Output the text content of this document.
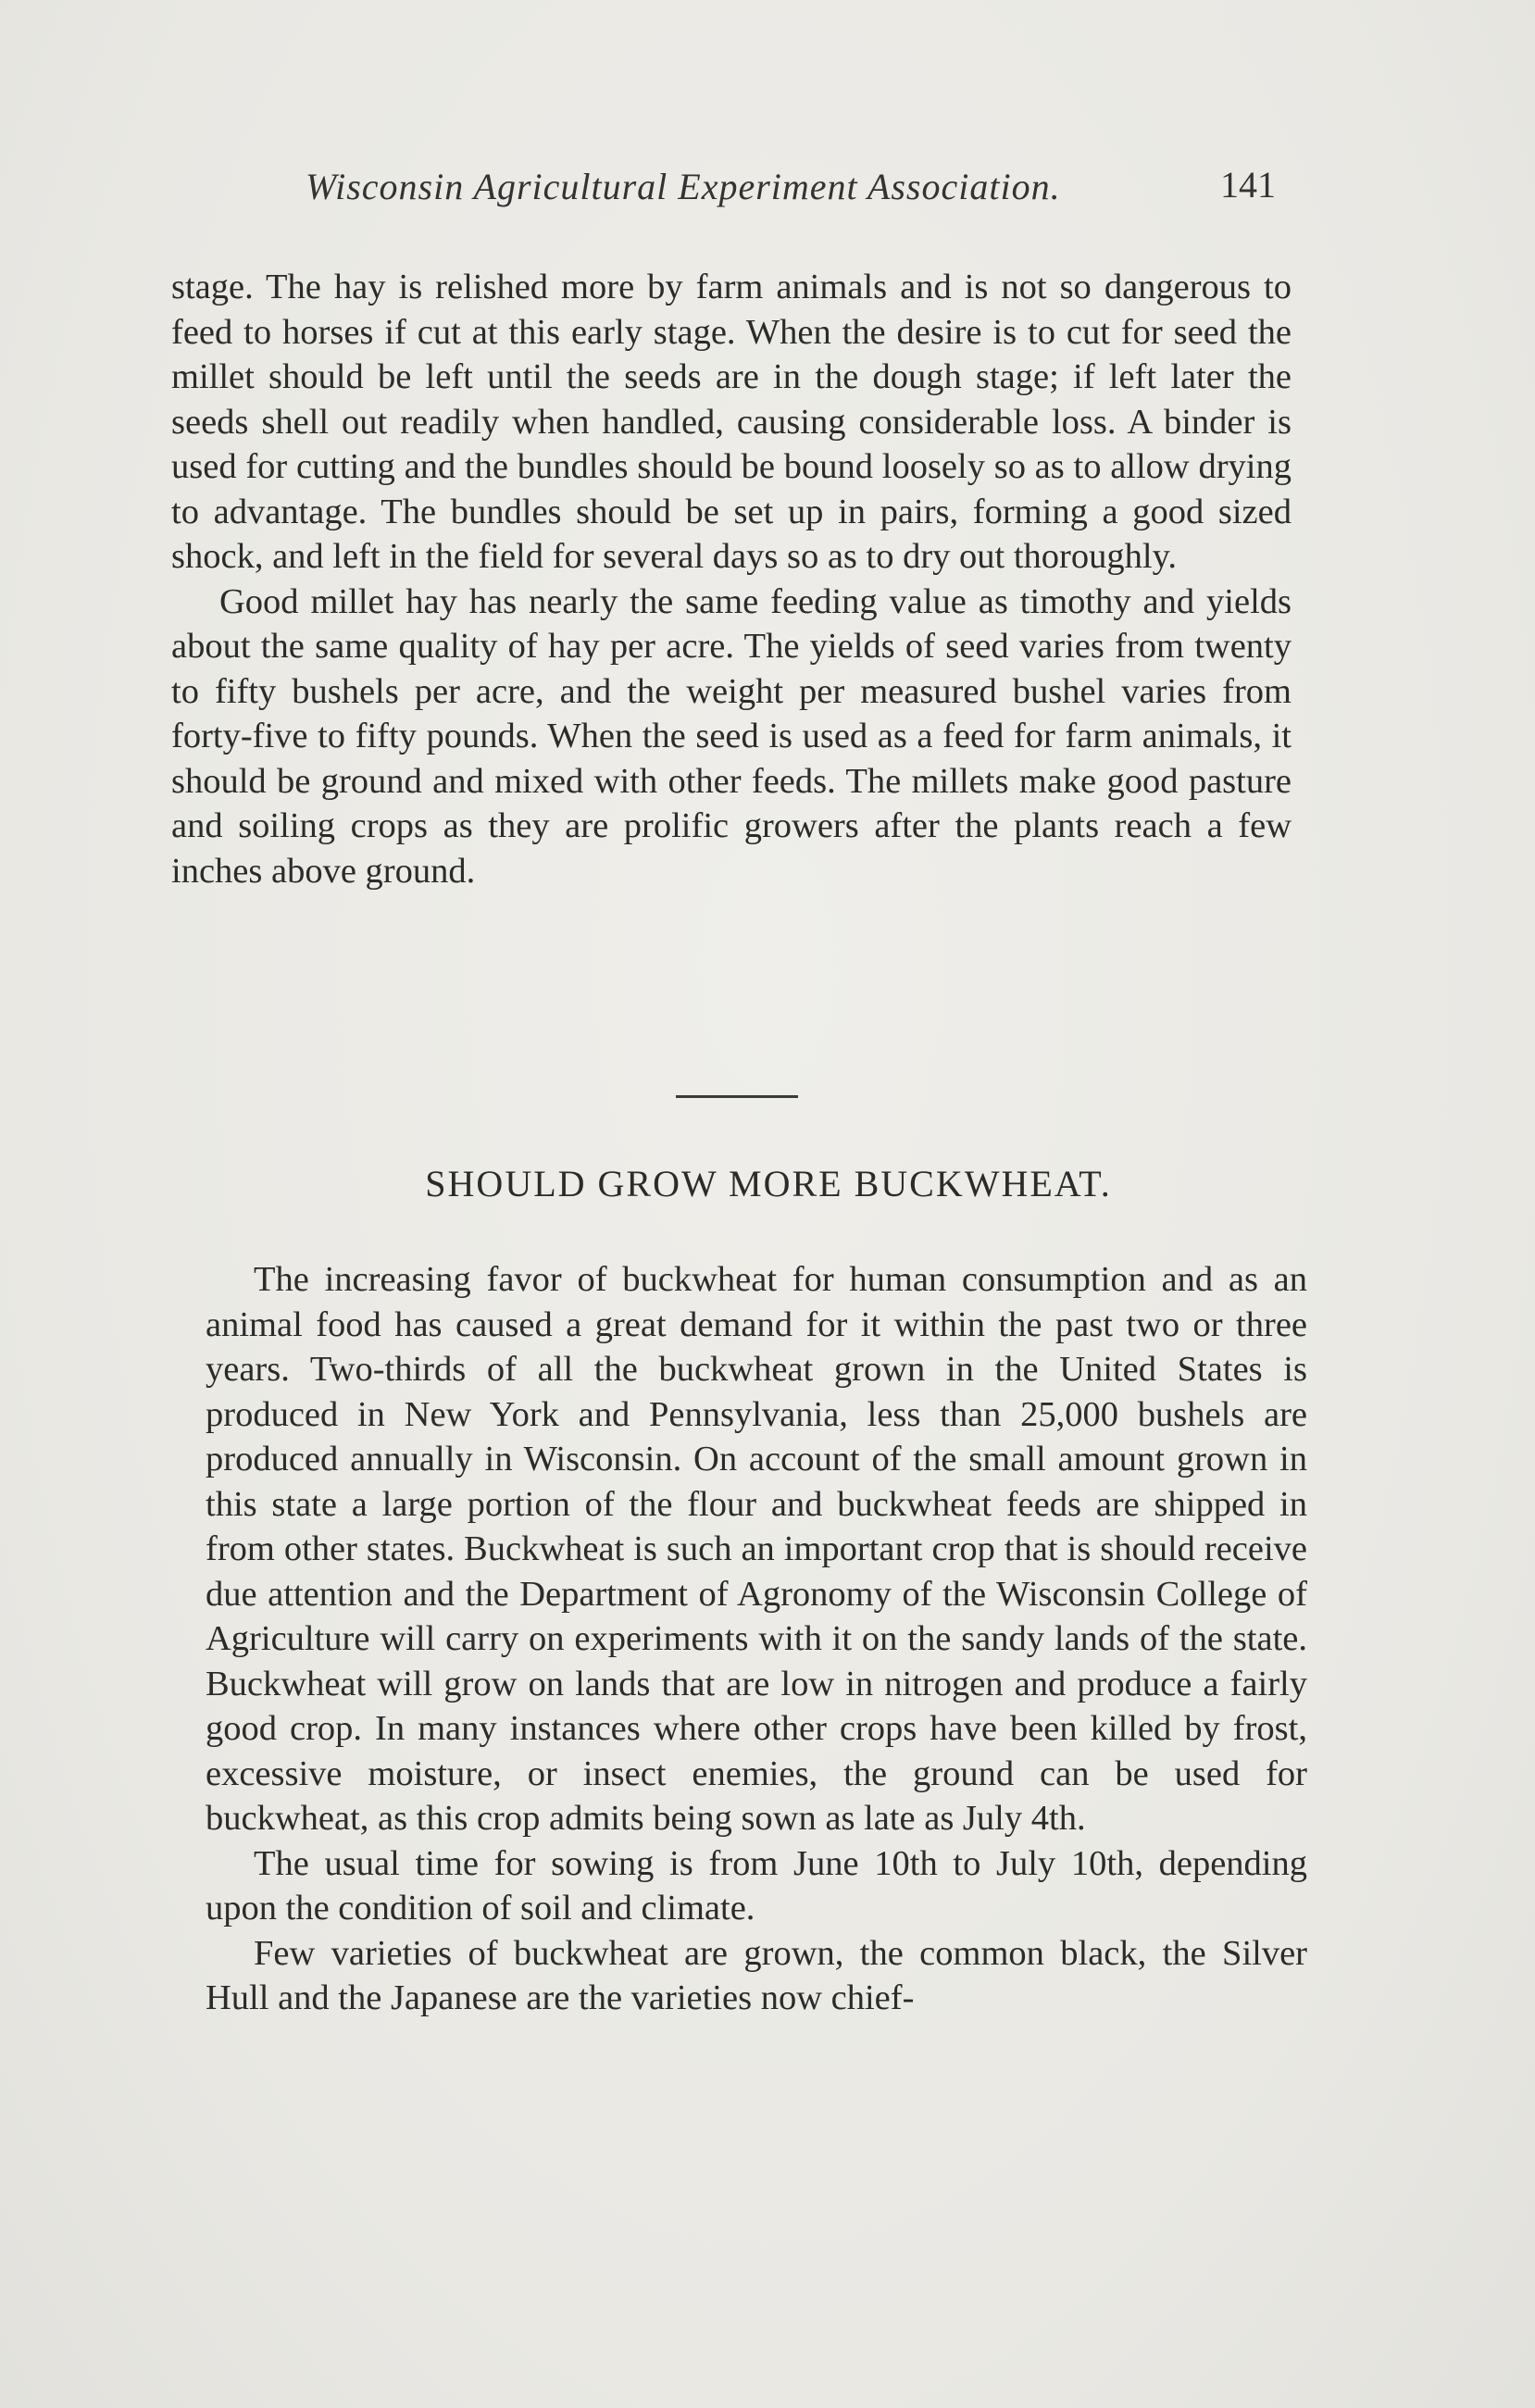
Wisconsin Agricultural Experiment Association.	141

stage. The hay is relished more by farm animals and is not so dangerous to feed to horses if cut at this early stage. When the desire is to cut for seed the millet should be left until the seeds are in the dough stage; if left later the seeds shell out readily when handled, causing considerable loss. A binder is used for cutting and the bundles should be bound loosely so as to allow drying to advantage. The bundles should be set up in pairs, forming a good sized shock, and left in the field for several days so as to dry out thoroughly.

Good millet hay has nearly the same feeding value as timothy and yields about the same quality of hay per acre. The yields of seed varies from twenty to fifty bushels per acre, and the weight per measured bushel varies from forty-five to fifty pounds. When the seed is used as a feed for farm animals, it should be ground and mixed with other feeds. The millets make good pasture and soiling crops as they are prolific growers after the plants reach a few inches above ground.

SHOULD GROW MORE BUCKWHEAT.

The increasing favor of buckwheat for human consumption and as an animal food has caused a great demand for it within the past two or three years. Two-thirds of all the buckwheat grown in the United States is produced in New York and Pennsylvania, less than 25,000 bushels are produced annually in Wisconsin. On account of the small amount grown in this state a large portion of the flour and buckwheat feeds are shipped in from other states. Buckwheat is such an important crop that is should receive due attention and the Department of Agronomy of the Wisconsin College of Agriculture will carry on experiments with it on the sandy lands of the state. Buckwheat will grow on lands that are low in nitrogen and produce a fairly good crop. In many instances where other crops have been killed by frost, excessive moisture, or insect enemies, the ground can be used for buckwheat, as this crop admits being sown as late as July 4th.

The usual time for sowing is from June 10th to July 10th, depending upon the condition of soil and climate.

Few varieties of buckwheat are grown, the common black, the Silver Hull and the Japanese are the varieties now chief-
